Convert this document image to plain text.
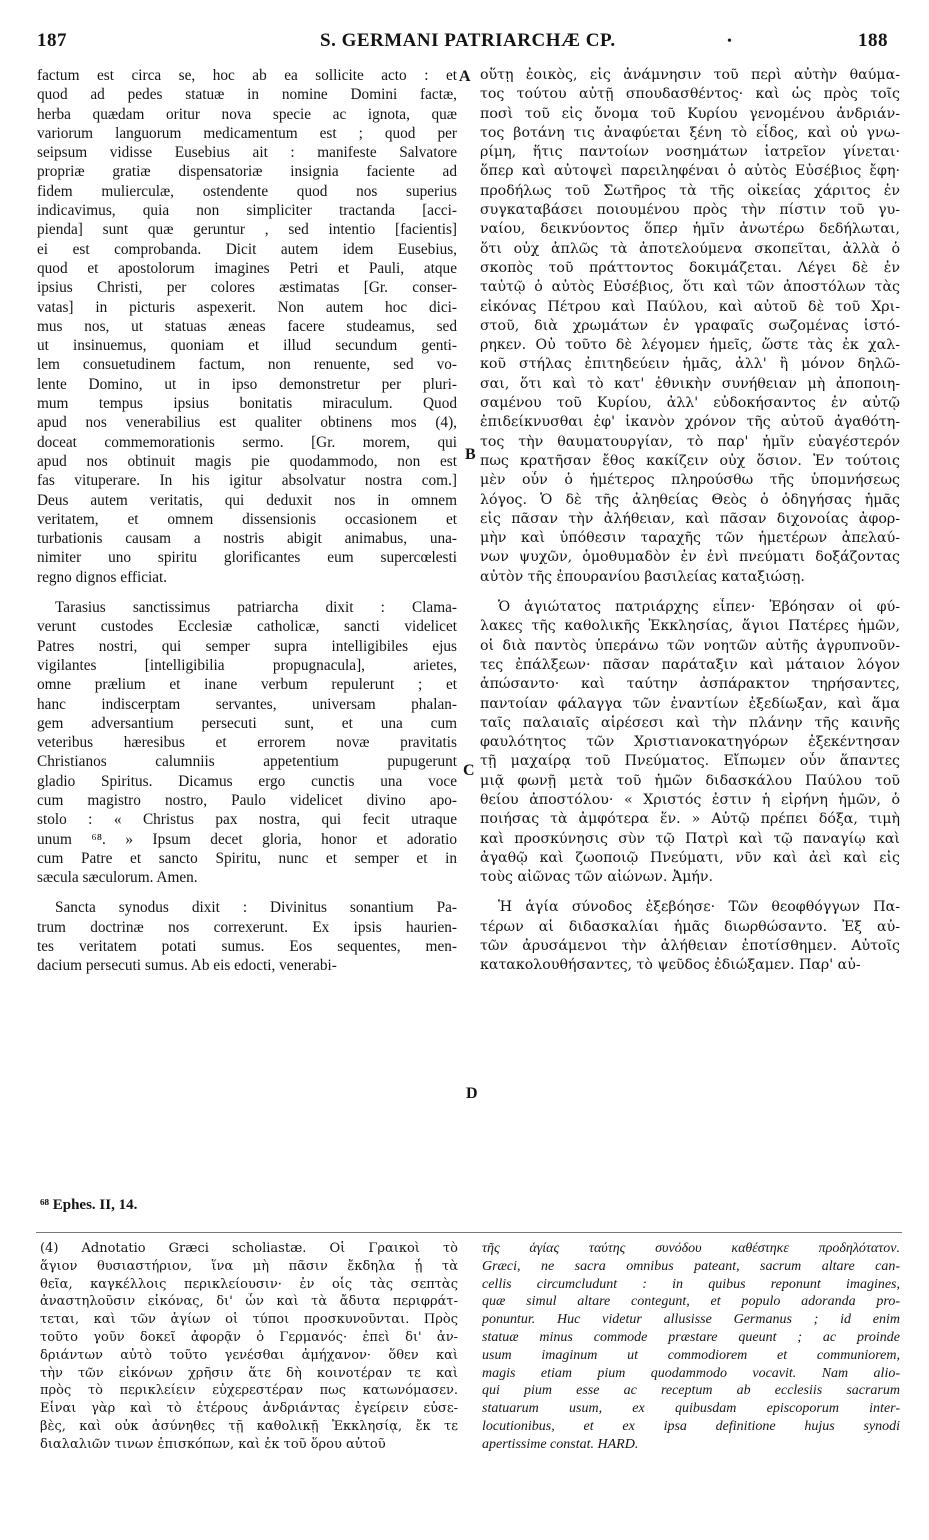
187	S. GERMANI PATRIARCHÆ CP.	•	188
A
B
C
D

factum est circa se, hoc ab ea sollicite acto : et

quod ad pedes statuæ in nomine Domini factæ,

herba quædam oritur nova specie ac ignota, quæ

variorum languorum medicamentum est ; quod per

seipsum vidisse Eusebius ait : manifeste Salvatore

propriæ gratiæ dispensatoriæ insignia faciente ad

fidem mulierculæ, ostendente quod nos superius

indicavimus, quia non simpliciter tractanda [acci-

pienda] sunt quæ geruntur , sed intentio [facientis]

ei est comprobanda. Dicit autem idem Eusebius,

quod et apostolorum imagines Petri et Pauli, atque

ipsius Christi, per colores æstimatas [Gr. conser-

vatas] in picturis aspexerit. Non autem hoc dici-

mus nos, ut statuas æneas facere studeamus, sed

ut insinuemus, quoniam et illud secundum genti-

lem consuetudinem factum, non renuente, sed vo-

lente Domino, ut in ipso demonstretur per pluri-

mum tempus ipsius bonitatis miraculum. Quod

apud nos venerabilius est qualiter obtinens mos (4),

doceat commemorationis sermo. [Gr. morem, qui

apud nos obtinuit magis pie quodammodo, non est

fas vituperare. In his igitur absolvatur nostra com.]

Deus autem veritatis, qui deduxit nos in omnem

veritatem, et omnem dissensionis occasionem et

turbationis causam a nostris abigit animabus, una-

nimiter uno spiritu glorificantes eum supercœlesti

regno dignos efficiat.

Tarasius sanctissimus patriarcha dixit : Clama-

verunt custodes Ecclesiæ catholicæ, sancti videlicet

Patres nostri, qui semper supra intelligibiles ejus

vigilantes [intelligibilia propugnacula], arietes,

omne prælium et inane verbum repulerunt ; et

hanc indiscerptam servantes, universam phalan-

gem adversantium persecuti sunt, et una cum

veteribus hæresibus et errorem novæ pravitatis

Christianos calumniis appetentium pupugerunt

gladio Spiritus. Dicamus ergo cunctis una voce

cum magistro nostro, Paulo videlicet divino apo-

stolo : « Christus pax nostra, qui fecit utraque

unum ⁶⁸. » Ipsum decet gloria, honor et adoratio

cum Patre et sancto Spiritu, nunc et semper et in

sæcula sæculorum. Amen.

Sancta synodus dixit : Divinitus sonantium Pa-

trum doctrinæ nos correxerunt. Ex ipsis haurien-

tes veritatem potati sumus. Eos sequentes, men-

dacium persecuti sumus. Ab eis edocti, venerabi-

οὕτῃ ἐοικὸς, εἰς ἀνάμνησιν τοῦ περὶ αὐτὴν θαύμα-

τος τούτου αὐτῇ σπουδασθέντος· καὶ ὡς πρὸς τοῖς

ποσὶ τοῦ εἰς ὄνομα τοῦ Κυρίου γενομένου ἀνδριάν-

τος βοτάνη τις ἀναφύεται ξένη τὸ εἶδος, καὶ οὐ γνω-

ρίμη, ἥτις παντοίων νοσημάτων ἰατρεῖον γίνεται·

ὅπερ καὶ αὐτοψεὶ παρειληφέναι ὁ αὐτὸς Εὐσέβιος ἔφη·

προδήλως τοῦ Σωτῆρος τὰ τῆς οἰκείας χάριτος ἐν

συγκαταβάσει ποιουμένου πρὸς τὴν πίστιν τοῦ γυ-

ναίου, δεικνύοντος ὅπερ ἡμῖν ἀνωτέρω δεδήλωται,

ὅτι οὐχ ἁπλῶς τὰ ἀποτελούμενα σκοπεῖται, ἀλλὰ ὁ

σκοπὸς τοῦ πράττοντος δοκιμάζεται. Λέγει δὲ ἐν

ταὐτῷ ὁ αὐτὸς Εὐσέβιος, ὅτι καὶ τῶν ἀποστόλων τὰς

εἰκόνας Πέτρου καὶ Παύλου, καὶ αὐτοῦ δὲ τοῦ Χρι-

στοῦ, διὰ χρωμάτων ἐν γραφαῖς σωζομένας ἱστό-

ρηκεν. Οὐ τοῦτο δὲ λέγομεν ἡμεῖς, ὥστε τὰς ἐκ χαλ-

κοῦ στήλας ἐπιτηδεύειν ἡμᾶς, ἀλλ' ἢ μόνον δηλῶ-

σαι, ὅτι καὶ τὸ κατ' ἐθνικὴν συνήθειαν μὴ ἀποποιη-

σαμένου τοῦ Κυρίου, ἀλλ' εὐδοκήσαντος ἐν αὐτῷ

ἐπιδείκνυσθαι ἐφ' ἱκανὸν χρόνον τῆς αὐτοῦ ἀγαθότη-

τος τὴν θαυματουργίαν, τὸ παρ' ἡμῖν εὐαγέστερόν

πως κρατῆσαν ἔθος κακίζειν οὐχ ὅσιον. Ἐν τούτοις

μὲν οὖν ὁ ἡμέτερος πληρούσθω τῆς ὑπομνήσεως

λόγος. Ὁ δὲ τῆς ἀληθείας Θεὸς ὁ ὁδηγήσας ἡμᾶς

εἰς πᾶσαν τὴν ἀλήθειαν, καὶ πᾶσαν διχονοίας ἀφορ-

μὴν καὶ ὑπόθεσιν ταραχῆς τῶν ἡμετέρων ἀπελαύ-

νων ψυχῶν, ὁμοθυμαδὸν ἐν ἑνὶ πνεύματι δοξάζοντας

αὐτὸν τῆς ἐπουρανίου βασιλείας καταξιώσῃ.

Ὁ ἁγιώτατος πατριάρχης εἶπεν· Ἐβόησαν οἱ φύ-

λακες τῆς καθολικῆς Ἐκκλησίας, ἅγιοι Πατέρες ἡμῶν,

οἱ διὰ παντὸς ὑπεράνω τῶν νοητῶν αὐτῆς ἀγρυπνοῦν-

τες ἐπάλξεων· πᾶσαν παράταξιν καὶ μάταιον λόγον

ἀπώσαντο· καὶ ταύτην ἀσπάρακτον τηρήσαντες,

παντοίαν φάλαγγα τῶν ἐναντίων ἐξεδίωξαν, καὶ ἅμα

ταῖς παλαιαῖς αἱρέσεσι καὶ τὴν πλάνην τῆς καινῆς

φαυλότητος τῶν Χριστιανοκατηγόρων ἐξεκέντησαν

τῇ μαχαίρᾳ τοῦ Πνεύματος. Εἴπωμεν οὖν ἅπαντες

μιᾷ φωνῇ μετὰ τοῦ ἡμῶν διδασκάλου Παύλου τοῦ

θείου ἀποστόλου· « Χριστός ἐστιν ἡ εἰρήνη ἡμῶν, ὁ

ποιήσας τὰ ἀμφότερα ἕν. » Αὐτῷ πρέπει δόξα, τιμὴ

καὶ προσκύνησις σὺν τῷ Πατρὶ καὶ τῷ παναγίῳ καὶ

ἀγαθῷ καὶ ζωοποιῷ Πνεύματι, νῦν καὶ ἀεὶ καὶ εἰς

τοὺς αἰῶνας τῶν αἰώνων. Ἀμήν.

Ἡ ἁγία σύνοδος ἐξεβόησε· Τῶν θεοφθόγγων Πα-

τέρων αἱ διδασκαλίαι ἡμᾶς διωρθώσαντο. Ἐξ αὐ-

τῶν ἀρυσάμενοι τὴν ἀλήθειαν ἐποτίσθημεν. Αὐτοῖς

κατακολουθήσαντες, τὸ ψεῦδος ἐδιώξαμεν. Παρ' αὐ-

⁶⁸ Ephes. II, 14.

(4) Adnotatio Græci scholiastæ. Οἱ Γραικοὶ τὸ

ἅγιον θυσιαστήριον, ἵνα μὴ πᾶσιν ἔκδηλα ᾖ τὰ

θεῖα, καγκέλλοις περικλείουσιν· ἐν οἷς τὰς σεπτὰς

ἀναστηλοῦσιν εἰκόνας, δι' ὧν καὶ τὰ ἄδυτα περιφράτ-

τεται, καὶ τῶν ἁγίων οἱ τύποι προσκυνοῦνται. Πρὸς

τοῦτο γοῦν δοκεῖ ἀφορᾷν ὁ Γερμανός· ἐπεὶ δι' ἀν-

δριάντων αὐτὸ τοῦτο γενέσθαι ἀμήχανον· ὅθεν καὶ

τὴν τῶν εἰκόνων χρῆσιν ἅτε δὴ κοινοτέραν τε καὶ

πρὸς τὸ περικλείειν εὐχερεστέραν πως κατωνόμασεν.

Εἶναι γὰρ καὶ τὸ ἑτέρους ἀνδριάντας ἐγείρειν εὐσε-

βὲς, καὶ οὐκ ἀσύνηθες τῇ καθολικῇ Ἐκκλησίᾳ, ἔκ τε

διαλαλιῶν τινων ἐπισκόπων, καὶ ἐκ τοῦ ὅρου αὐτοῦ

τῆς ἁγίας ταύτης συνόδου καθέστηκε προδηλότατον.

Græci, ne sacra omnibus pateant, sacrum altare can-

cellis circumcludunt : in quibus reponunt imagines,

quæ simul altare contegunt, et populo adoranda pro-

ponuntur. Huc videtur allusisse Germanus ; id enim

statuæ minus commode præstare queunt ; ac proinde

usum imaginum ut commodiorem et communiorem,

magis etiam pium quodammodo vocavit. Nam alio-

qui pium esse ac receptum ab ecclesiis sacrarum

statuarum usum, ex quibusdam episcoporum inter-

locutionibus, et ex ipsa definitione hujus synodi

apertissime constat. HARD.
